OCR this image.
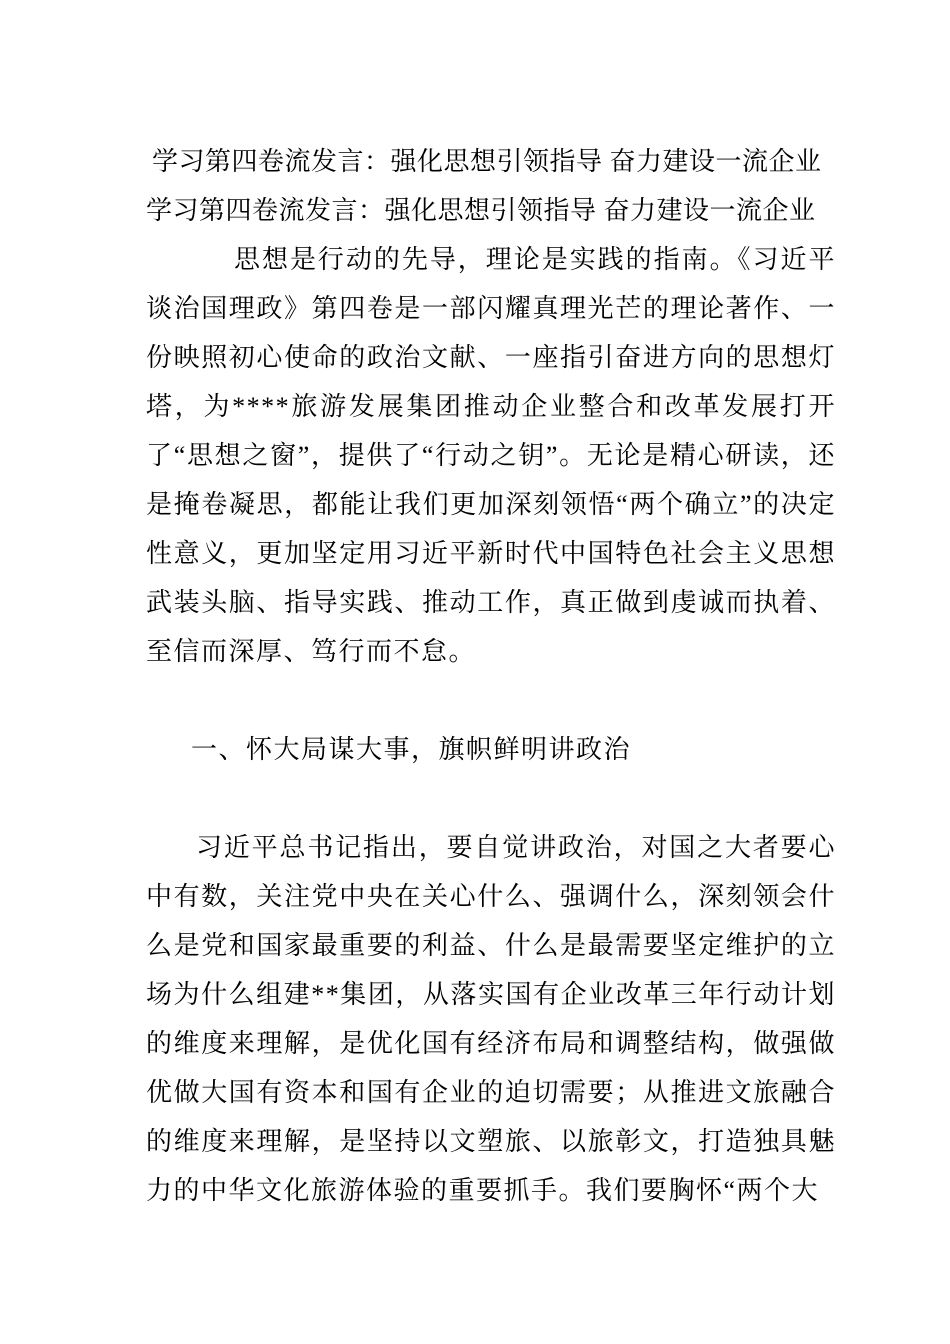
学习第四卷流发言：强化思想引领指导 奋力建设一流企业

学习第四卷流发言：强化思想引领指导 奋力建设一流企业

思想是行动的先导，理论是实践的指南。《习近平谈治国理政》第四卷是一部闪耀真理光芒的理论著作、一份映照初心使命的政治文献、一座指引奋进方向的思想灯塔，为****旅游发展集团推动企业整合和改革发展打开了“思想之窗”，提供了“行动之钥”。无论是精心研读，还是掩卷凝思，都能让我们更加深刻领悟“两个确立”的决定性意义，更加坚定用习近平新时代中国特色社会主义思想武装头脑、指导实践、推动工作，真正做到虔诚而执着、至信而深厚、笃行而不怠。

一、怀大局谋大事，旗帜鲜明讲政治

习近平总书记指出，要自觉讲政治，对国之大者要心中有数，关注党中央在关心什么、强调什么，深刻领会什么是党和国家最重要的利益、什么是最需要坚定维护的立场为什么组建**集团，从落实国有企业改革三年行动计划的维度来理解，是优化国有经济布局和调整结构，做强做优做大国有资本和国有企业的迫切需要；从推进文旅融合的维度来理解，是坚持以文塑旅、以旅彰文，打造独具魅力的中华文化旅游体验的重要抓手。我们要胸怀“两个大
